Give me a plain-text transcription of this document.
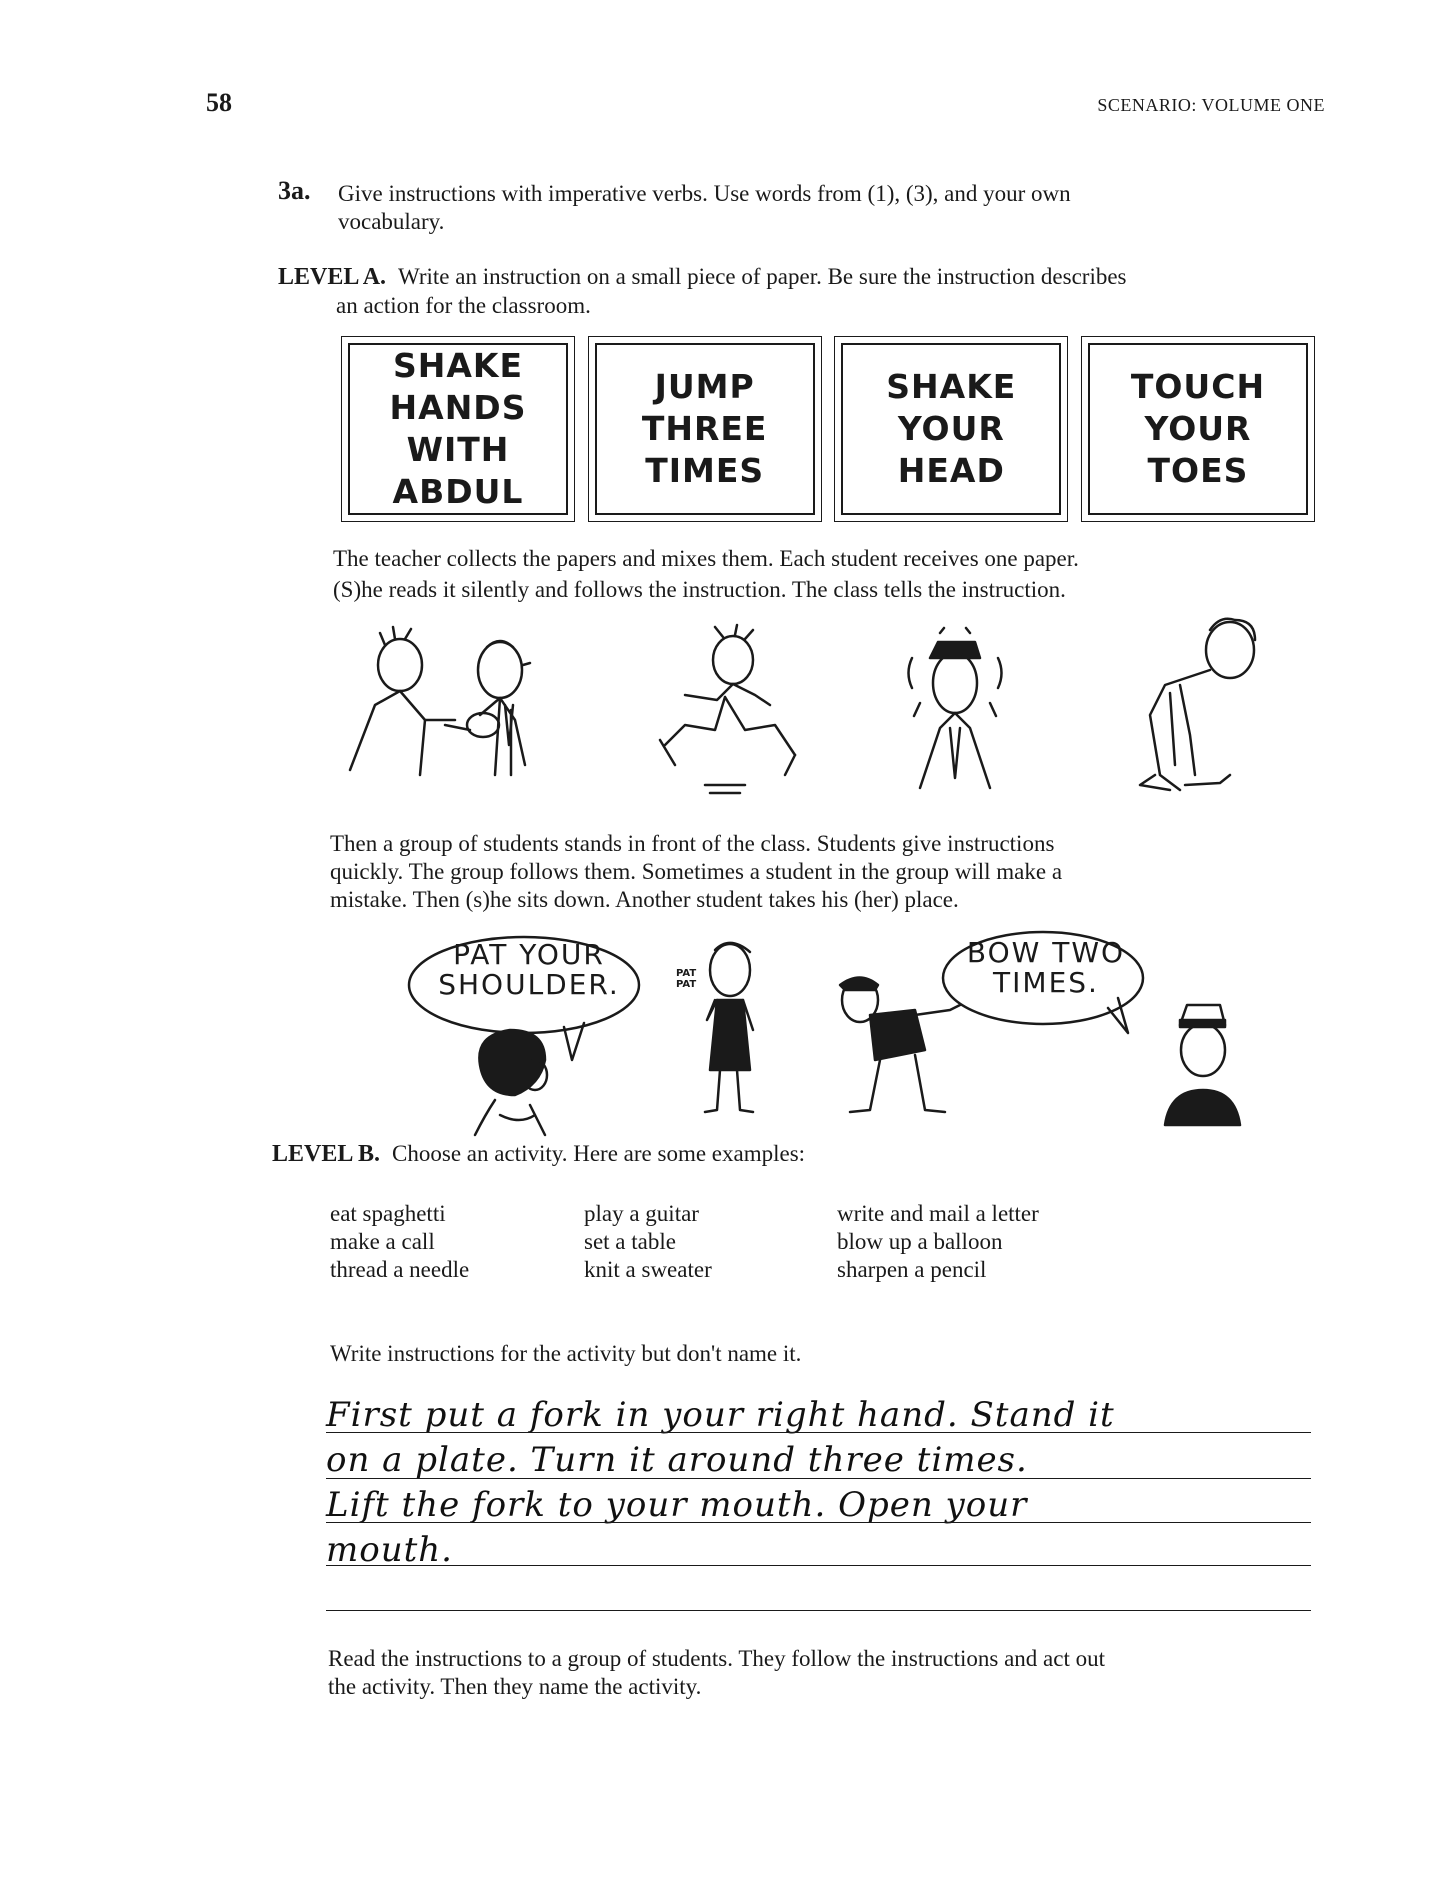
58	SCENARIO: VOLUME ONE
3a. Give instructions with imperative verbs. Use words from (1), (3), and your own
vocabulary.
LEVEL A. Write an instruction on a small piece of paper. Be sure the instruction describes
an action for the classroom.
SHAKE
HANDS WITH
ABDUL
JUMP
THREE
TIMES
SHAKE
YOUR
HEAD
TOUCH
YOUR
TOES
The teacher collects the papers and mixes them. Each student receives one paper.
(S)he reads it silently and follows the instruction. The class tells the instruction.
Then a group of students stands in front of the class. Students give instructions
quickly. The group follows them. Sometimes a student in the group will make a
mistake. Then (s)he sits down. Another student takes his (her) place.
PAT YOUR
SHOULDER.
BOW TWO
TIMES.
PAT
PAT
LEVEL B. Choose an activity. Here are some examples:
eat spaghetti
make a call
thread a needle
play a guitar
set a table
knit a sweater
write and mail a letter
blow up a balloon
sharpen a pencil
Write instructions for the activity but don't name it.
First put a fork in your right hand. Stand it
on a plate. Turn it around three times.
Lift the fork to your mouth. Open your
mouth.
Read the instructions to a group of students. They follow the instructions and act out
the activity. Then they name the activity.
